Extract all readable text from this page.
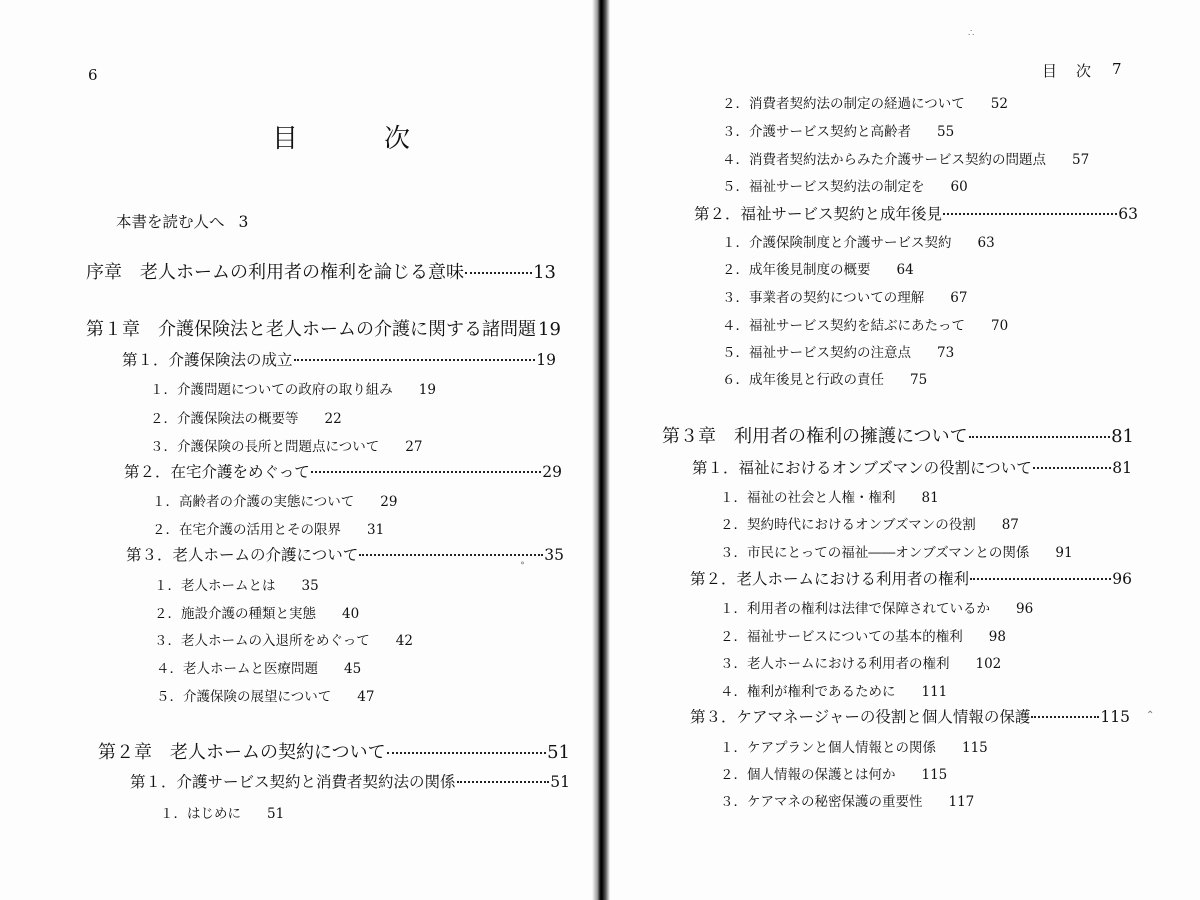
6
目　次
本書を読む人へ 3
序章　老人ホームの利用者の権利を論じる意味	13
第１章　介護保険法と老人ホームの介護に関する諸問題 19
第１．介護保険法の成立	19
１．介護問題についての政府の取り組み 19
２．介護保険法の概要等 22
３．介護保険の長所と問題点について 27
第２．在宅介護をめぐって	29
１．高齢者の介護の実態について 29
２．在宅介護の活用とその限界 31
第３．老人ホームの介護について	35
１．老人ホームとは 35
２．施設介護の種類と実態 40
３．老人ホームの入退所をめぐって 42
４．老人ホームと医療問題 45
５．介護保険の展望について 47
第２章　老人ホームの契約について	51
第１．介護サービス契約と消費者契約法の関係	51
１．はじめに 51
∘
目　次 7
２．消費者契約法の制定の経過について 52
３．介護サービス契約と高齢者 55
４．消費者契約法からみた介護サービス契約の問題点 57
５．福祉サービス契約法の制定を 60
第２．福祉サービス契約と成年後見	63
１．介護保険制度と介護サービス契約 63
２．成年後見制度の概要 64
３．事業者の契約についての理解 67
４．福祉サービス契約を結ぶにあたって 70
５．福祉サービス契約の注意点 73
６．成年後見と行政の責任 75
第３章　利用者の権利の擁護について	81
第１．福祉におけるオンブズマンの役割について	81
１．福祉の社会と人権・権利 81
２．契約時代におけるオンブズマンの役割 87
３．市民にとっての福祉――オンブズマンとの関係 91
第２．老人ホームにおける利用者の権利	96
１．利用者の権利は法律で保障されているか 96
２．福祉サービスについての基本的権利 98
３．老人ホームにおける利用者の権利 102
４．権利が権利であるために 111
第３．ケアマネージャーの役割と個人情報の保護	115
１．ケアプランと個人情報との関係 115
２．個人情報の保護とは何か 115
３．ケアマネの秘密保護の重要性 117
∴
⌃
